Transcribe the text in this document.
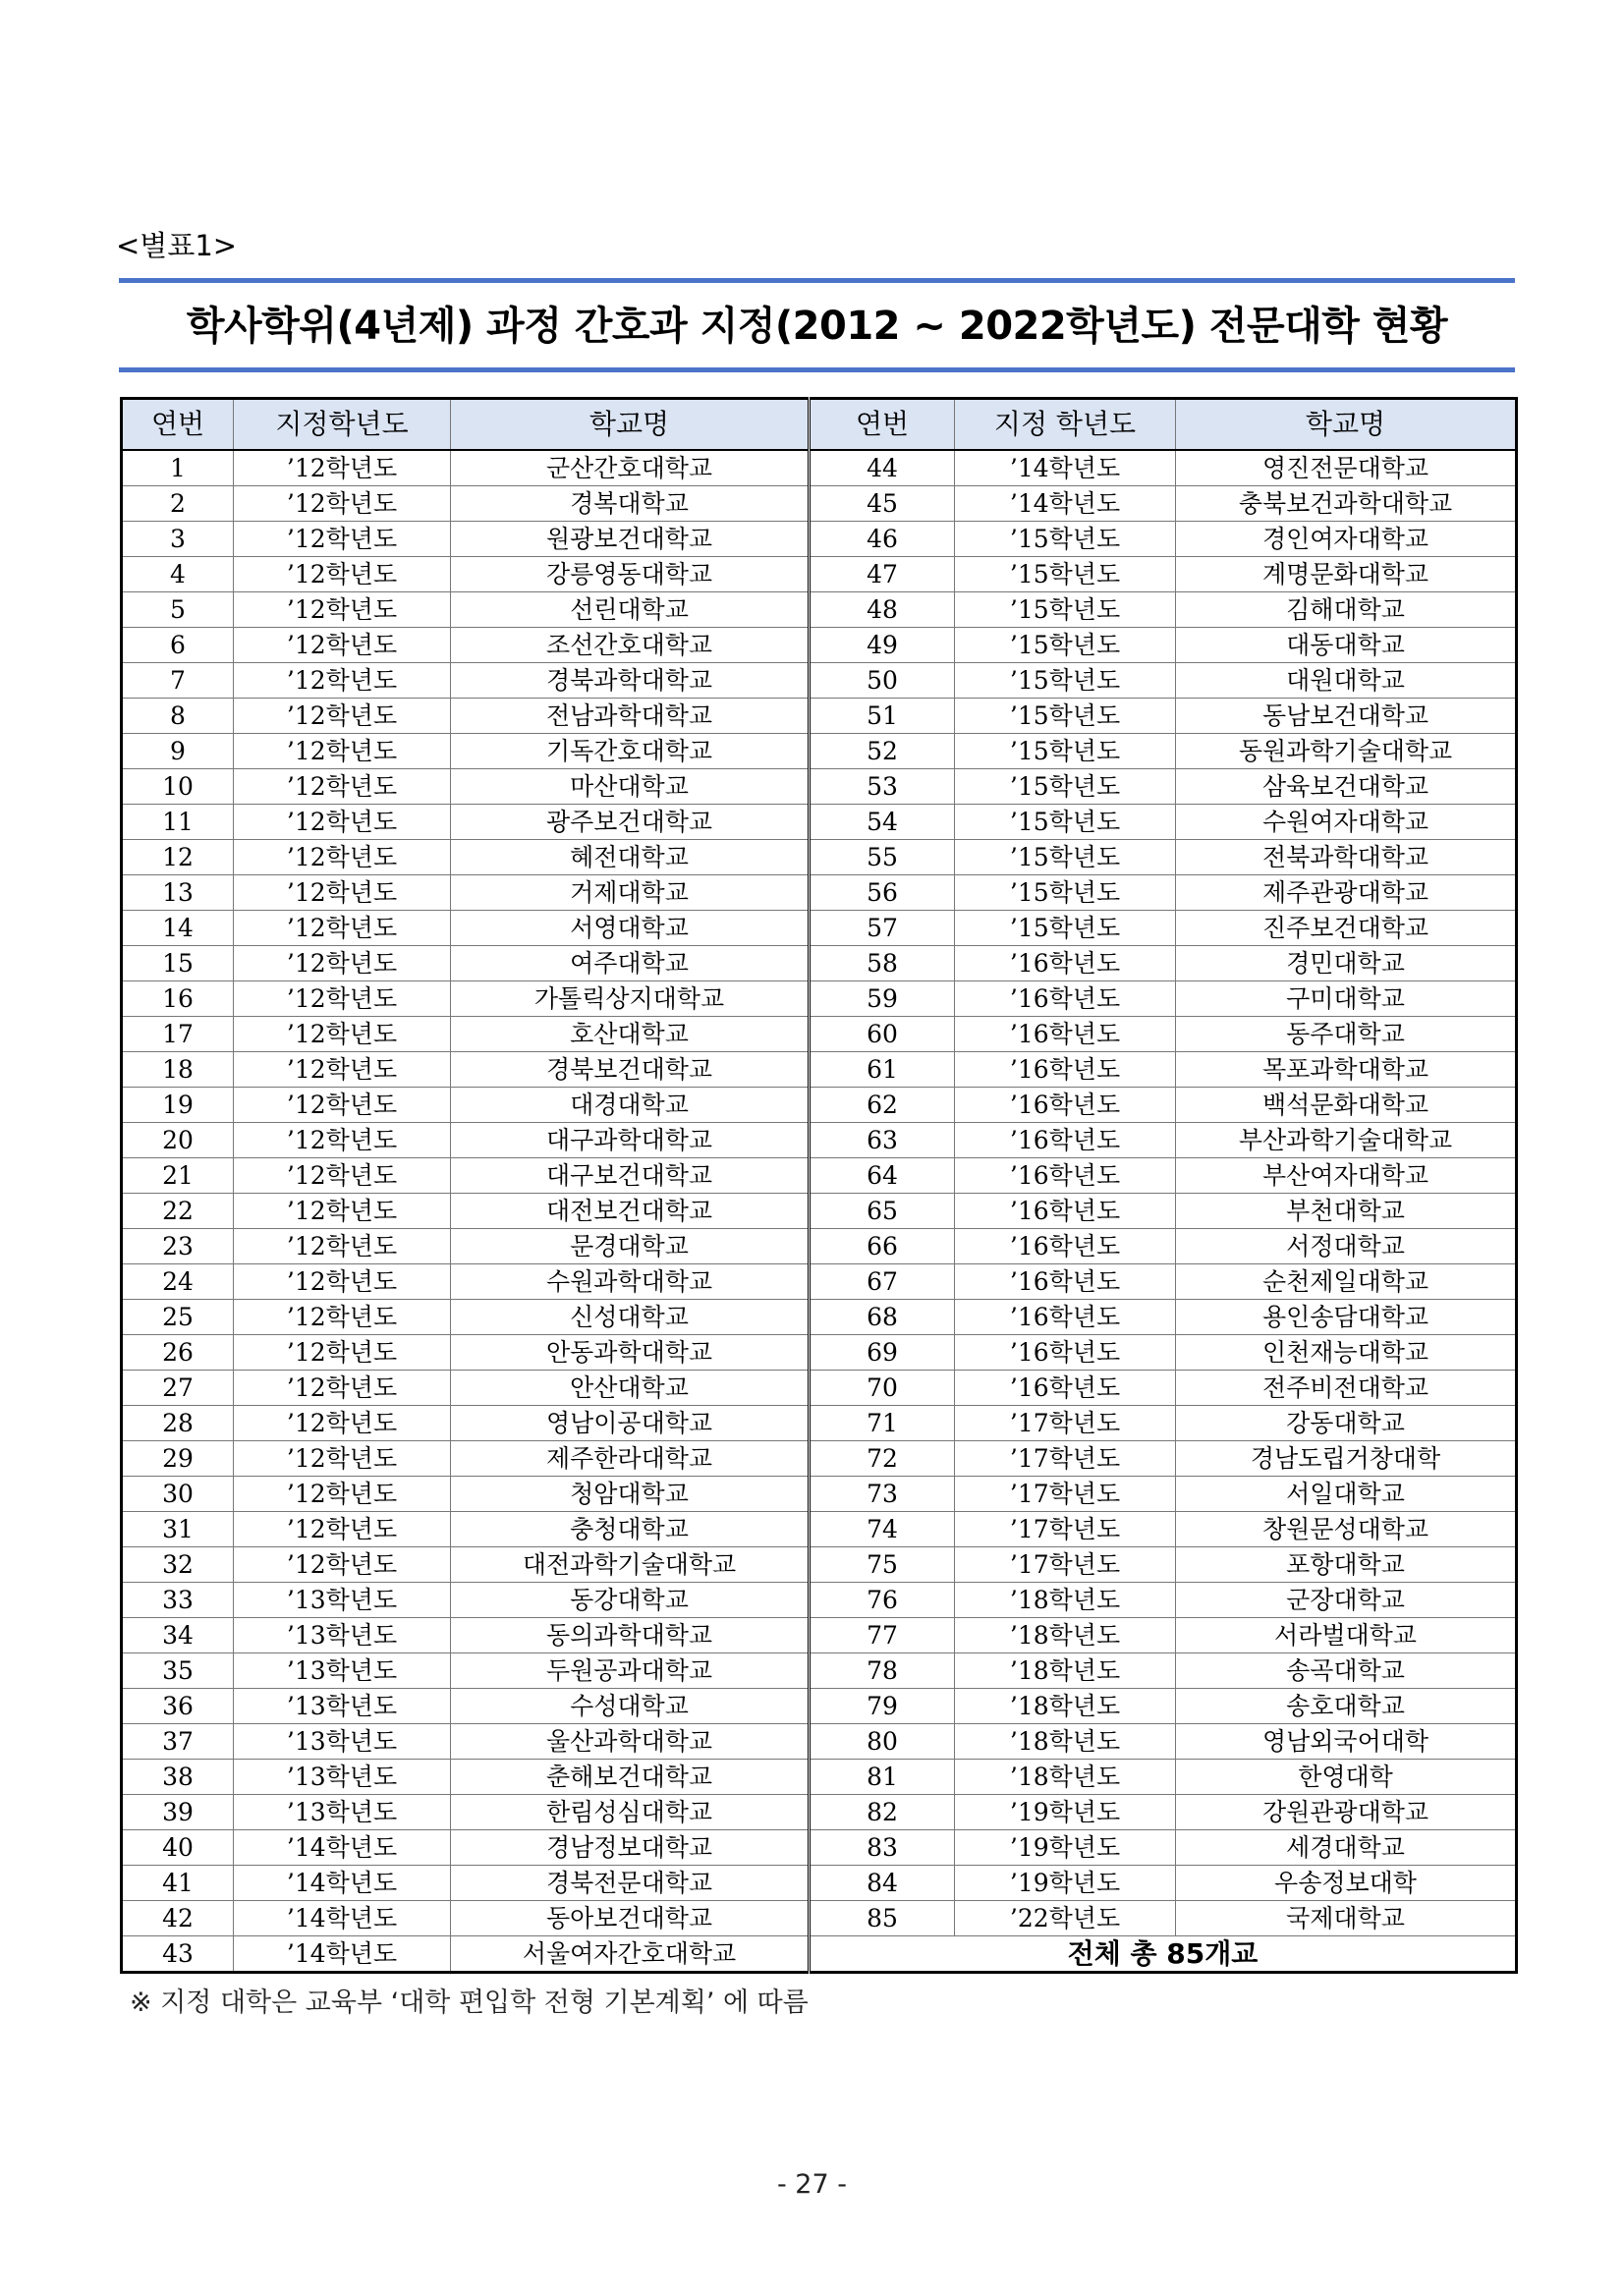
<별표1>
학사학위(4년제) 과정 간호과 지정(2012 ~ 2022학년도) 전문대학 현황
연번	지정학년도	학교명	연번	지정 학년도	학교명
1	’12학년도	군산간호대학교	44	’14학년도	영진전문대학교
2	’12학년도	경복대학교	45	’14학년도	충북보건과학대학교
3	’12학년도	원광보건대학교	46	’15학년도	경인여자대학교
4	’12학년도	강릉영동대학교	47	’15학년도	계명문화대학교
5	’12학년도	선린대학교	48	’15학년도	김해대학교
6	’12학년도	조선간호대학교	49	’15학년도	대동대학교
7	’12학년도	경북과학대학교	50	’15학년도	대원대학교
8	’12학년도	전남과학대학교	51	’15학년도	동남보건대학교
9	’12학년도	기독간호대학교	52	’15학년도	동원과학기술대학교
10	’12학년도	마산대학교	53	’15학년도	삼육보건대학교
11	’12학년도	광주보건대학교	54	’15학년도	수원여자대학교
12	’12학년도	혜전대학교	55	’15학년도	전북과학대학교
13	’12학년도	거제대학교	56	’15학년도	제주관광대학교
14	’12학년도	서영대학교	57	’15학년도	진주보건대학교
15	’12학년도	여주대학교	58	’16학년도	경민대학교
16	’12학년도	가톨릭상지대학교	59	’16학년도	구미대학교
17	’12학년도	호산대학교	60	’16학년도	동주대학교
18	’12학년도	경북보건대학교	61	’16학년도	목포과학대학교
19	’12학년도	대경대학교	62	’16학년도	백석문화대학교
20	’12학년도	대구과학대학교	63	’16학년도	부산과학기술대학교
21	’12학년도	대구보건대학교	64	’16학년도	부산여자대학교
22	’12학년도	대전보건대학교	65	’16학년도	부천대학교
23	’12학년도	문경대학교	66	’16학년도	서정대학교
24	’12학년도	수원과학대학교	67	’16학년도	순천제일대학교
25	’12학년도	신성대학교	68	’16학년도	용인송담대학교
26	’12학년도	안동과학대학교	69	’16학년도	인천재능대학교
27	’12학년도	안산대학교	70	’16학년도	전주비전대학교
28	’12학년도	영남이공대학교	71	’17학년도	강동대학교
29	’12학년도	제주한라대학교	72	’17학년도	경남도립거창대학
30	’12학년도	청암대학교	73	’17학년도	서일대학교
31	’12학년도	충청대학교	74	’17학년도	창원문성대학교
32	’12학년도	대전과학기술대학교	75	’17학년도	포항대학교
33	’13학년도	동강대학교	76	’18학년도	군장대학교
34	’13학년도	동의과학대학교	77	’18학년도	서라벌대학교
35	’13학년도	두원공과대학교	78	’18학년도	송곡대학교
36	’13학년도	수성대학교	79	’18학년도	송호대학교
37	’13학년도	울산과학대학교	80	’18학년도	영남외국어대학
38	’13학년도	춘해보건대학교	81	’18학년도	한영대학
39	’13학년도	한림성심대학교	82	’19학년도	강원관광대학교
40	’14학년도	경남정보대학교	83	’19학년도	세경대학교
41	’14학년도	경북전문대학교	84	’19학년도	우송정보대학
42	’14학년도	동아보건대학교	85	’22학년도	국제대학교
43	’14학년도	서울여자간호대학교	전체 총 85개교		
※ 지정 대학은 교육부 ‘대학 편입학 전형 기본계획’ 에 따름
- 27 -
